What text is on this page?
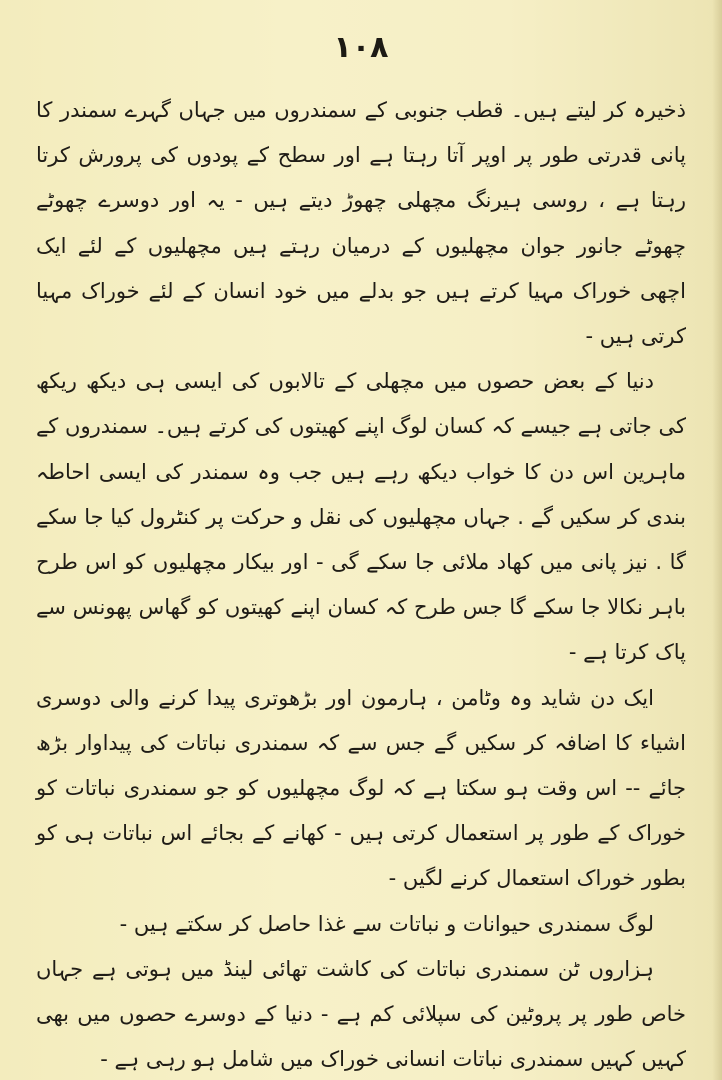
۱۰۸

ذخیرہ کر لیتے ہیں۔ قطب جنوبی کے سمندروں میں جہاں گہرے سمندر کا پانی قدرتی طور پر اوپر آتا رہتا ہے اور سطح کے پودوں کی پرورش کرتا رہتا ہے ، روسی ہیرنگ مچھلی چھوڑ دیتے ہیں - یہ اور دوسرے چھوٹے چھوٹے جانور جوان مچھلیوں کے درمیان رہتے ہیں مچھلیوں کے لئے ایک اچھی خوراک مہیا کرتے ہیں جو بدلے میں خود انسان کے لئے خوراک مہیا کرتی ہیں -

دنیا کے بعض حصوں میں مچھلی کے تالابوں کی ایسی ہی دیکھ ریکھ کی جاتی ہے جیسے کہ کسان لوگ اپنے کھیتوں کی کرتے ہیں۔ سمندروں کے ماہرین اس دن کا خواب دیکھ رہے ہیں جب وہ سمندر کی ایسی احاطہ بندی کر سکیں گے . جہاں مچھلیوں کی نقل و حرکت پر کنٹرول کیا جا سکے گا . نیز پانی میں کھاد ملائی جا سکے گی - اور بیکار مچھلیوں کو اس طرح باہر نکالا جا سکے گا جس طرح کہ کسان اپنے کھیتوں کو گھاس پھونس سے پاک کرتا ہے -

ایک دن شاید وہ وٹامن ، ہارمون اور بڑھوتری پیدا کرنے والی دوسری اشیاء کا اضافہ کر سکیں گے جس سے کہ سمندری نباتات کی پیداوار بڑھ جائے -- اس وقت ہو سکتا ہے کہ لوگ مچھلیوں کو جو سمندری نباتات کو خوراک کے طور پر استعمال کرتی ہیں - کھانے کے بجائے اس نباتات ہی کو بطور خوراک استعمال کرنے لگیں -

لوگ سمندری حیوانات و نباتات سے غذا حاصل کر سکتے ہیں -

ہزاروں ٹن سمندری نباتات کی کاشت تھائی لینڈ میں ہوتی ہے جہاں خاص طور پر پروٹین کی سپلائی کم ہے - دنیا کے دوسرے حصوں میں بھی کہیں کہیں سمندری نباتات انسانی خوراک میں شامل ہو رہی ہے -
